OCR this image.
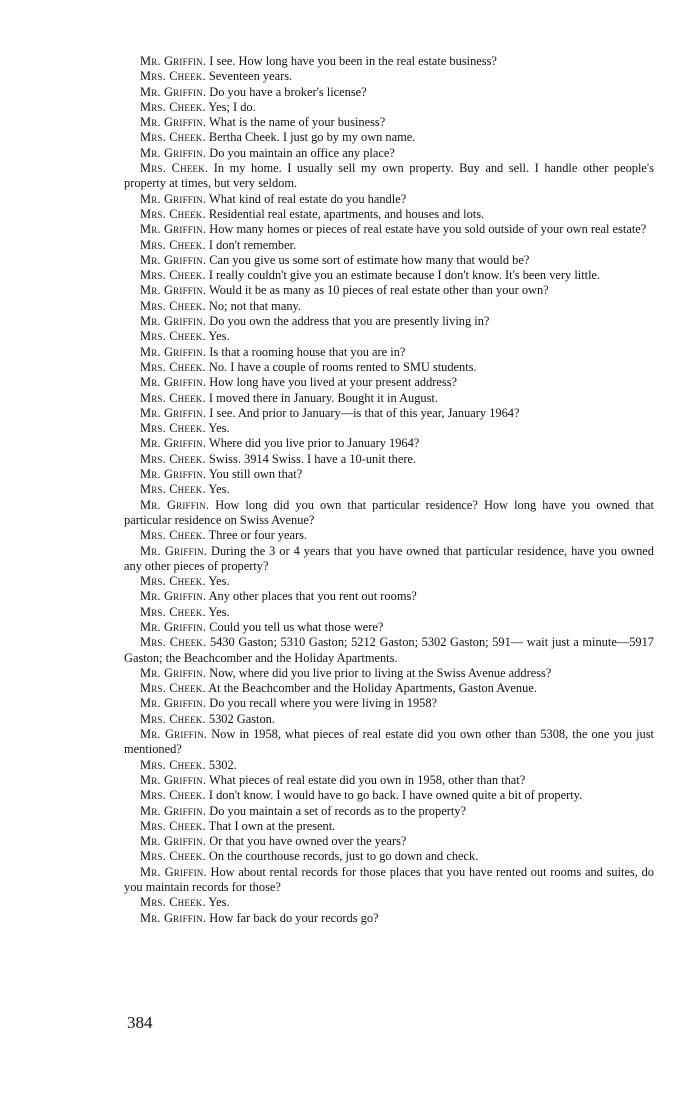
Mr. Griffin. I see. How long have you been in the real estate business?

Mrs. Cheek. Seventeen years.

Mr. Griffin. Do you have a broker's license?

Mrs. Cheek. Yes; I do.

Mr. Griffin. What is the name of your business?

Mrs. Cheek. Bertha Cheek. I just go by my own name.

Mr. Griffin. Do you maintain an office any place?

Mrs. Cheek. In my home. I usually sell my own property. Buy and sell. I handle other people's property at times, but very seldom.

Mr. Griffin. What kind of real estate do you handle?

Mrs. Cheek. Residential real estate, apartments, and houses and lots.

Mr. Griffin. How many homes or pieces of real estate have you sold outside of your own real estate?

Mrs. Cheek. I don't remember.

Mr. Griffin. Can you give us some sort of estimate how many that would be?

Mrs. Cheek. I really couldn't give you an estimate because I don't know. It's been very little.

Mr. Griffin. Would it be as many as 10 pieces of real estate other than your own?

Mrs. Cheek. No; not that many.

Mr. Griffin. Do you own the address that you are presently living in?

Mrs. Cheek. Yes.

Mr. Griffin. Is that a rooming house that you are in?

Mrs. Cheek. No. I have a couple of rooms rented to SMU students.

Mr. Griffin. How long have you lived at your present address?

Mrs. Cheek. I moved there in January. Bought it in August.

Mr. Griffin. I see. And prior to January—is that of this year, January 1964?

Mrs. Cheek. Yes.

Mr. Griffin. Where did you live prior to January 1964?

Mrs. Cheek. Swiss. 3914 Swiss. I have a 10-unit there.

Mr. Griffin. You still own that?

Mrs. Cheek. Yes.

Mr. Griffin. How long did you own that particular residence? How long have you owned that particular residence on Swiss Avenue?

Mrs. Cheek. Three or four years.

Mr. Griffin. During the 3 or 4 years that you have owned that particular residence, have you owned any other pieces of property?

Mrs. Cheek. Yes.

Mr. Griffin. Any other places that you rent out rooms?

Mrs. Cheek. Yes.

Mr. Griffin. Could you tell us what those were?

Mrs. Cheek. 5430 Gaston; 5310 Gaston; 5212 Gaston; 5302 Gaston; 591— wait just a minute—5917 Gaston; the Beachcomber and the Holiday Apartments.

Mr. Griffin. Now, where did you live prior to living at the Swiss Avenue address?

Mrs. Cheek. At the Beachcomber and the Holiday Apartments, Gaston Avenue.

Mr. Griffin. Do you recall where you were living in 1958?

Mrs. Cheek. 5302 Gaston.

Mr. Griffin. Now in 1958, what pieces of real estate did you own other than 5308, the one you just mentioned?

Mrs. Cheek. 5302.

Mr. Griffin. What pieces of real estate did you own in 1958, other than that?

Mrs. Cheek. I don't know. I would have to go back. I have owned quite a bit of property.

Mr. Griffin. Do you maintain a set of records as to the property?

Mrs. Cheek. That I own at the present.

Mr. Griffin. Or that you have owned over the years?

Mrs. Cheek. On the courthouse records, just to go down and check.

Mr. Griffin. How about rental records for those places that you have rented out rooms and suites, do you maintain records for those?

Mrs. Cheek. Yes.

Mr. Griffin. How far back do your records go?

384
